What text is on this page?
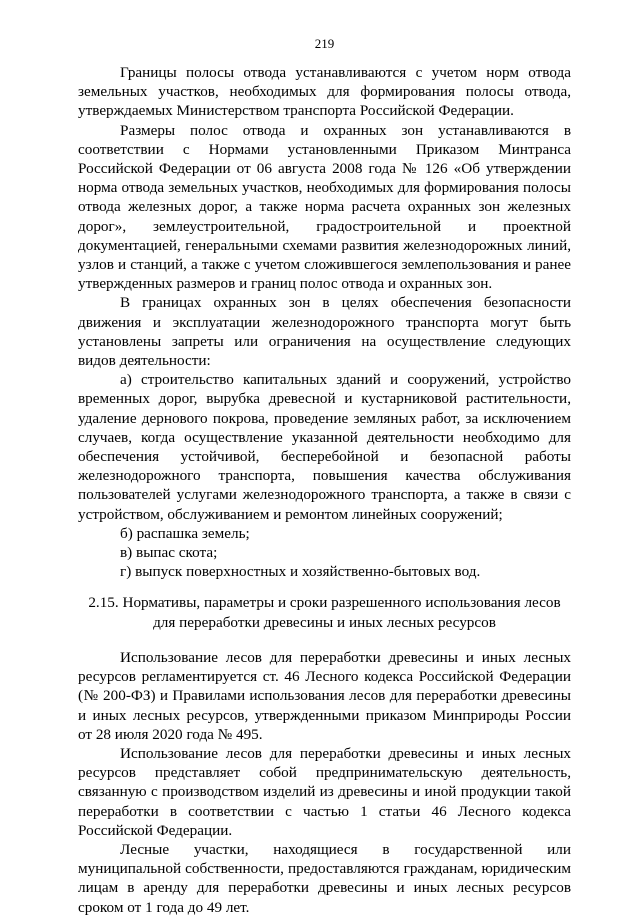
219

Границы полосы отвода устанавливаются с учетом норм отвода земельных участков, необходимых для формирования полосы отвода, утверждаемых Министерством транспорта Российской Федерации.

Размеры полос отвода и охранных зон устанавливаются в соответствии с Нормами установленными Приказом Минтранса Российской Федерации от 06 августа 2008 года № 126 «Об утверждении норма отвода земельных участков, необходимых для формирования полосы отвода железных дорог, а также норма расчета охранных зон железных дорог», землеустроительной, градостроительной и проектной документацией, генеральными схемами развития железнодорожных линий, узлов и станций, а также с учетом сложившегося землепользования и ранее утвержденных размеров и границ полос отвода и охранных зон.

В границах охранных зон в целях обеспечения безопасности движения и эксплуатации железнодорожного транспорта могут быть установлены запреты или ограничения на осуществление следующих видов деятельности:

а) строительство капитальных зданий и сооружений, устройство временных дорог, вырубка древесной и кустарниковой растительности, удаление дернового покрова, проведение земляных работ, за исключением случаев, когда осуществление указанной деятельности необходимо для обеспечения устойчивой, бесперебойной и безопасной работы железнодорожного транспорта, повышения качества обслуживания пользователей услугами железнодорожного транспорта, а также в связи с устройством, обслуживанием и ремонтом линейных сооружений;

б) распашка земель;

в) выпас скота;

г) выпуск поверхностных и хозяйственно-бытовых вод.

2.15. Нормативы, параметры и сроки разрешенного использования лесов
для переработки древесины и иных лесных ресурсов

Использование лесов для переработки древесины и иных лесных ресурсов регламентируется ст. 46 Лесного кодекса Российской Федерации (№ 200-ФЗ) и Правилами использования лесов для переработки древесины и иных лесных ресурсов, утвержденными приказом Минприроды России от 28 июля 2020 года № 495.

Использование лесов для переработки древесины и иных лесных ресурсов представляет собой предпринимательскую деятельность, связанную с производством изделий из древесины и иной продукции такой переработки в соответствии с частью 1 статьи 46 Лесного кодекса Российской Федерации.

Лесные участки, находящиеся в государственной или муниципальной собственности, предоставляются гражданам, юридическим лицам в аренду для переработки древесины и иных лесных ресурсов сроком от 1 года до 49 лет.
